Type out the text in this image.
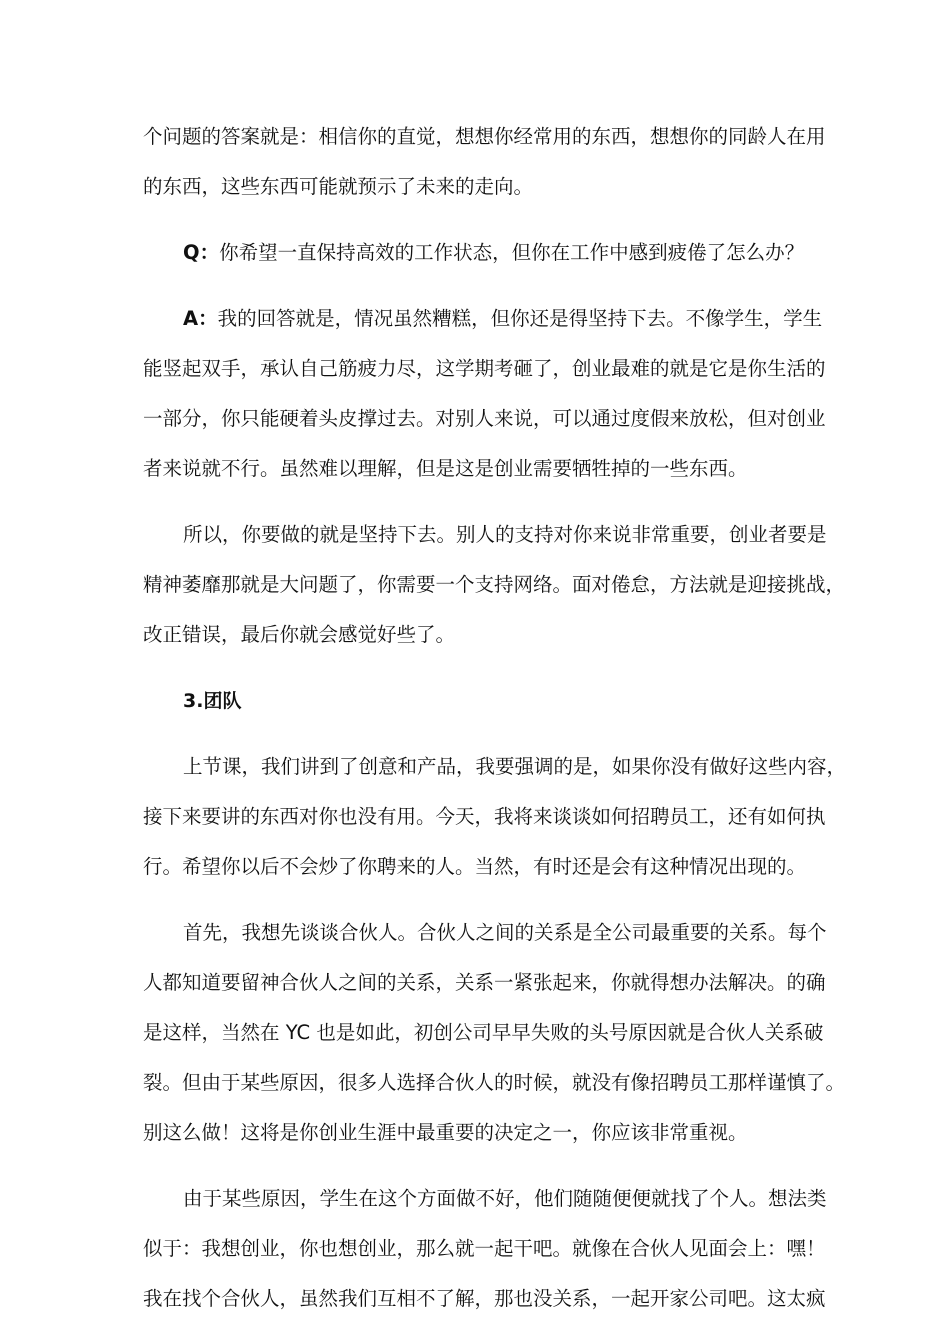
个问题的答案就是：相信你的直觉，想想你经常用的东西，想想你的同龄人在用
的东西，这些东西可能就预示了未来的走向。
Q：你希望一直保持高效的工作状态，但你在工作中感到疲倦了怎么办？
A：我的回答就是，情况虽然糟糕，但你还是得坚持下去。不像学生，学生
能竖起双手，承认自己筋疲力尽，这学期考砸了，创业最难的就是它是你生活的
一部分，你只能硬着头皮撑过去。对别人来说，可以通过度假来放松，但对创业
者来说就不行。虽然难以理解，但是这是创业需要牺牲掉的一些东西。
所以，你要做的就是坚持下去。别人的支持对你来说非常重要，创业者要是
精神萎靡那就是大问题了，你需要一个支持网络。面对倦怠，方法就是迎接挑战，
改正错误，最后你就会感觉好些了。
3.团队
上节课，我们讲到了创意和产品，我要强调的是，如果你没有做好这些内容，
接下来要讲的东西对你也没有用。今天，我将来谈谈如何招聘员工，还有如何执
行。希望你以后不会炒了你聘来的人。当然，有时还是会有这种情况出现的。
首先，我想先谈谈合伙人。合伙人之间的关系是全公司最重要的关系。每个
人都知道要留神合伙人之间的关系，关系一紧张起来，你就得想办法解决。的确
是这样，当然在 YC 也是如此，初创公司早早失败的头号原因就是合伙人关系破
裂。但由于某些原因，很多人选择合伙人的时候，就没有像招聘员工那样谨慎了。
别这么做！这将是你创业生涯中最重要的决定之一，你应该非常重视。
由于某些原因，学生在这个方面做不好，他们随随便便就找了个人。想法类
似于：我想创业，你也想创业，那么就一起干吧。就像在合伙人见面会上：嘿！
我在找个合伙人，虽然我们互相不了解，那也没关系，一起开家公司吧。这太疯
